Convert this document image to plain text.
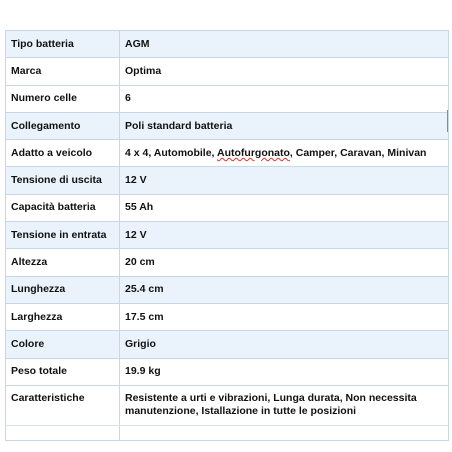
Tipo batteria	AGM
Marca	Optima
Numero celle	6
Collegamento	Poli standard batteria
Adatto a veicolo	4 x 4, Automobile, Autofurgonato, Camper, Caravan, Minivan
Tensione di uscita	12 V
Capacità batteria	55 Ah
Tensione in entrata	12 V
Altezza	20 cm
Lunghezza	25.4 cm
Larghezza	17.5 cm
Colore	Grigio
Peso totale	19.9 kg
Caratteristiche	Resistente a urti e vibrazioni, Lunga durata, Non necessita manutenzione, Istallazione in tutte le posizioni
